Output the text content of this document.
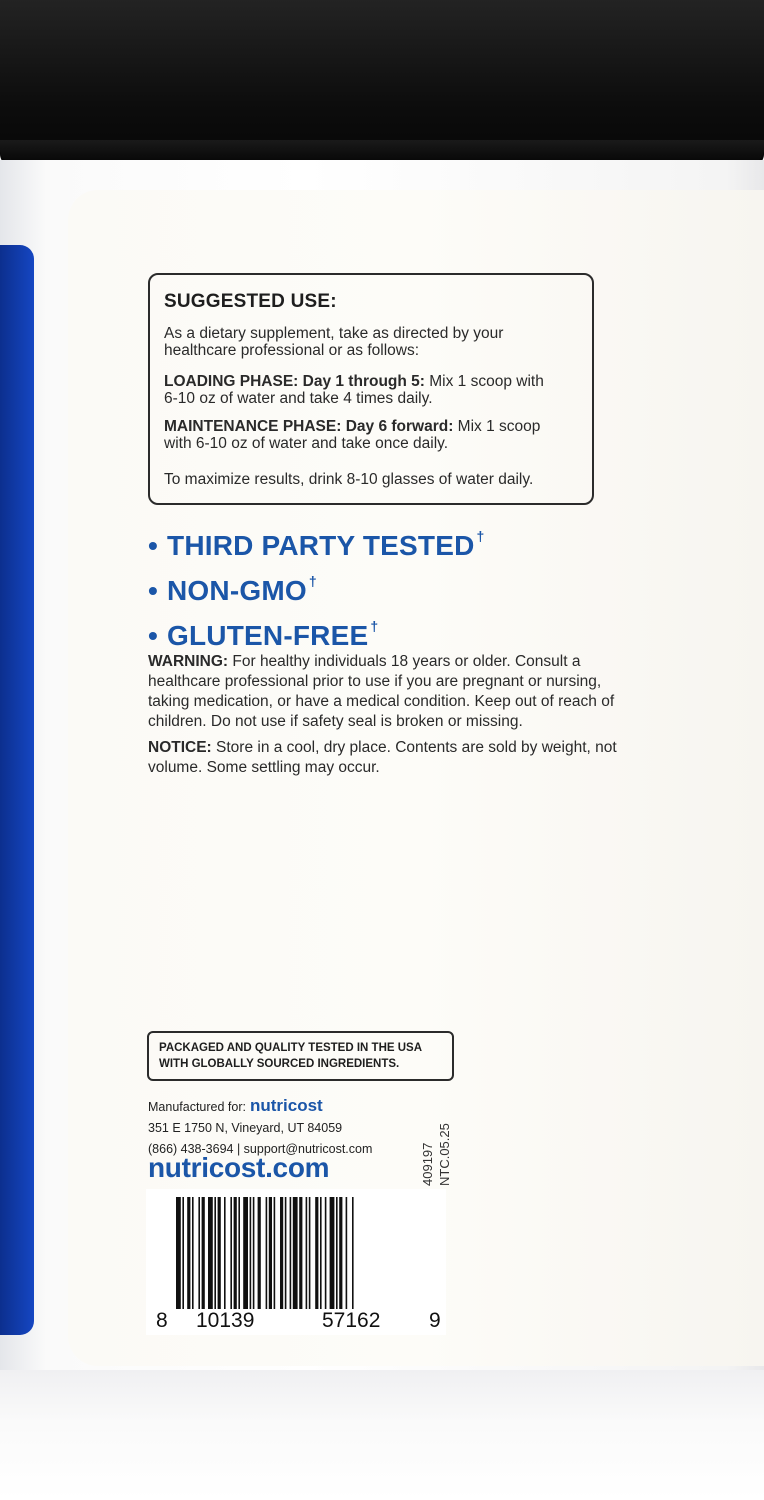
SUGGESTED USE:

As a dietary supplement, take as directed by your
healthcare professional or as follows:

LOADING PHASE: Day 1 through 5: Mix 1 scoop with
6-10 oz of water and take 4 times daily.

MAINTENANCE PHASE: Day 6 forward: Mix 1 scoop
with 6-10 oz of water and take once daily.

To maximize results, drink 8-10 glasses of water daily.

• THIRD PARTY TESTED †
• NON-GMO †
• GLUTEN-FREE †

WARNING: For healthy individuals 18 years or older. Consult a healthcare professional prior to use if you are pregnant or nursing, taking medication, or have a medical condition. Keep out of reach of children. Do not use if safety seal is broken or missing.

NOTICE: Store in a cool, dry place. Contents are sold by weight, not volume. Some settling may occur.

PACKAGED AND QUALITY TESTED IN THE USA
WITH GLOBALLY SOURCED INGREDIENTS.
Manufactured for: nutricost
351 E 1750 N, Vineyard, UT 84059
(866) 438-3694 | support@nutricost.com
nutricost.com	409197 NTC.05.25
8 10139	57162 9
